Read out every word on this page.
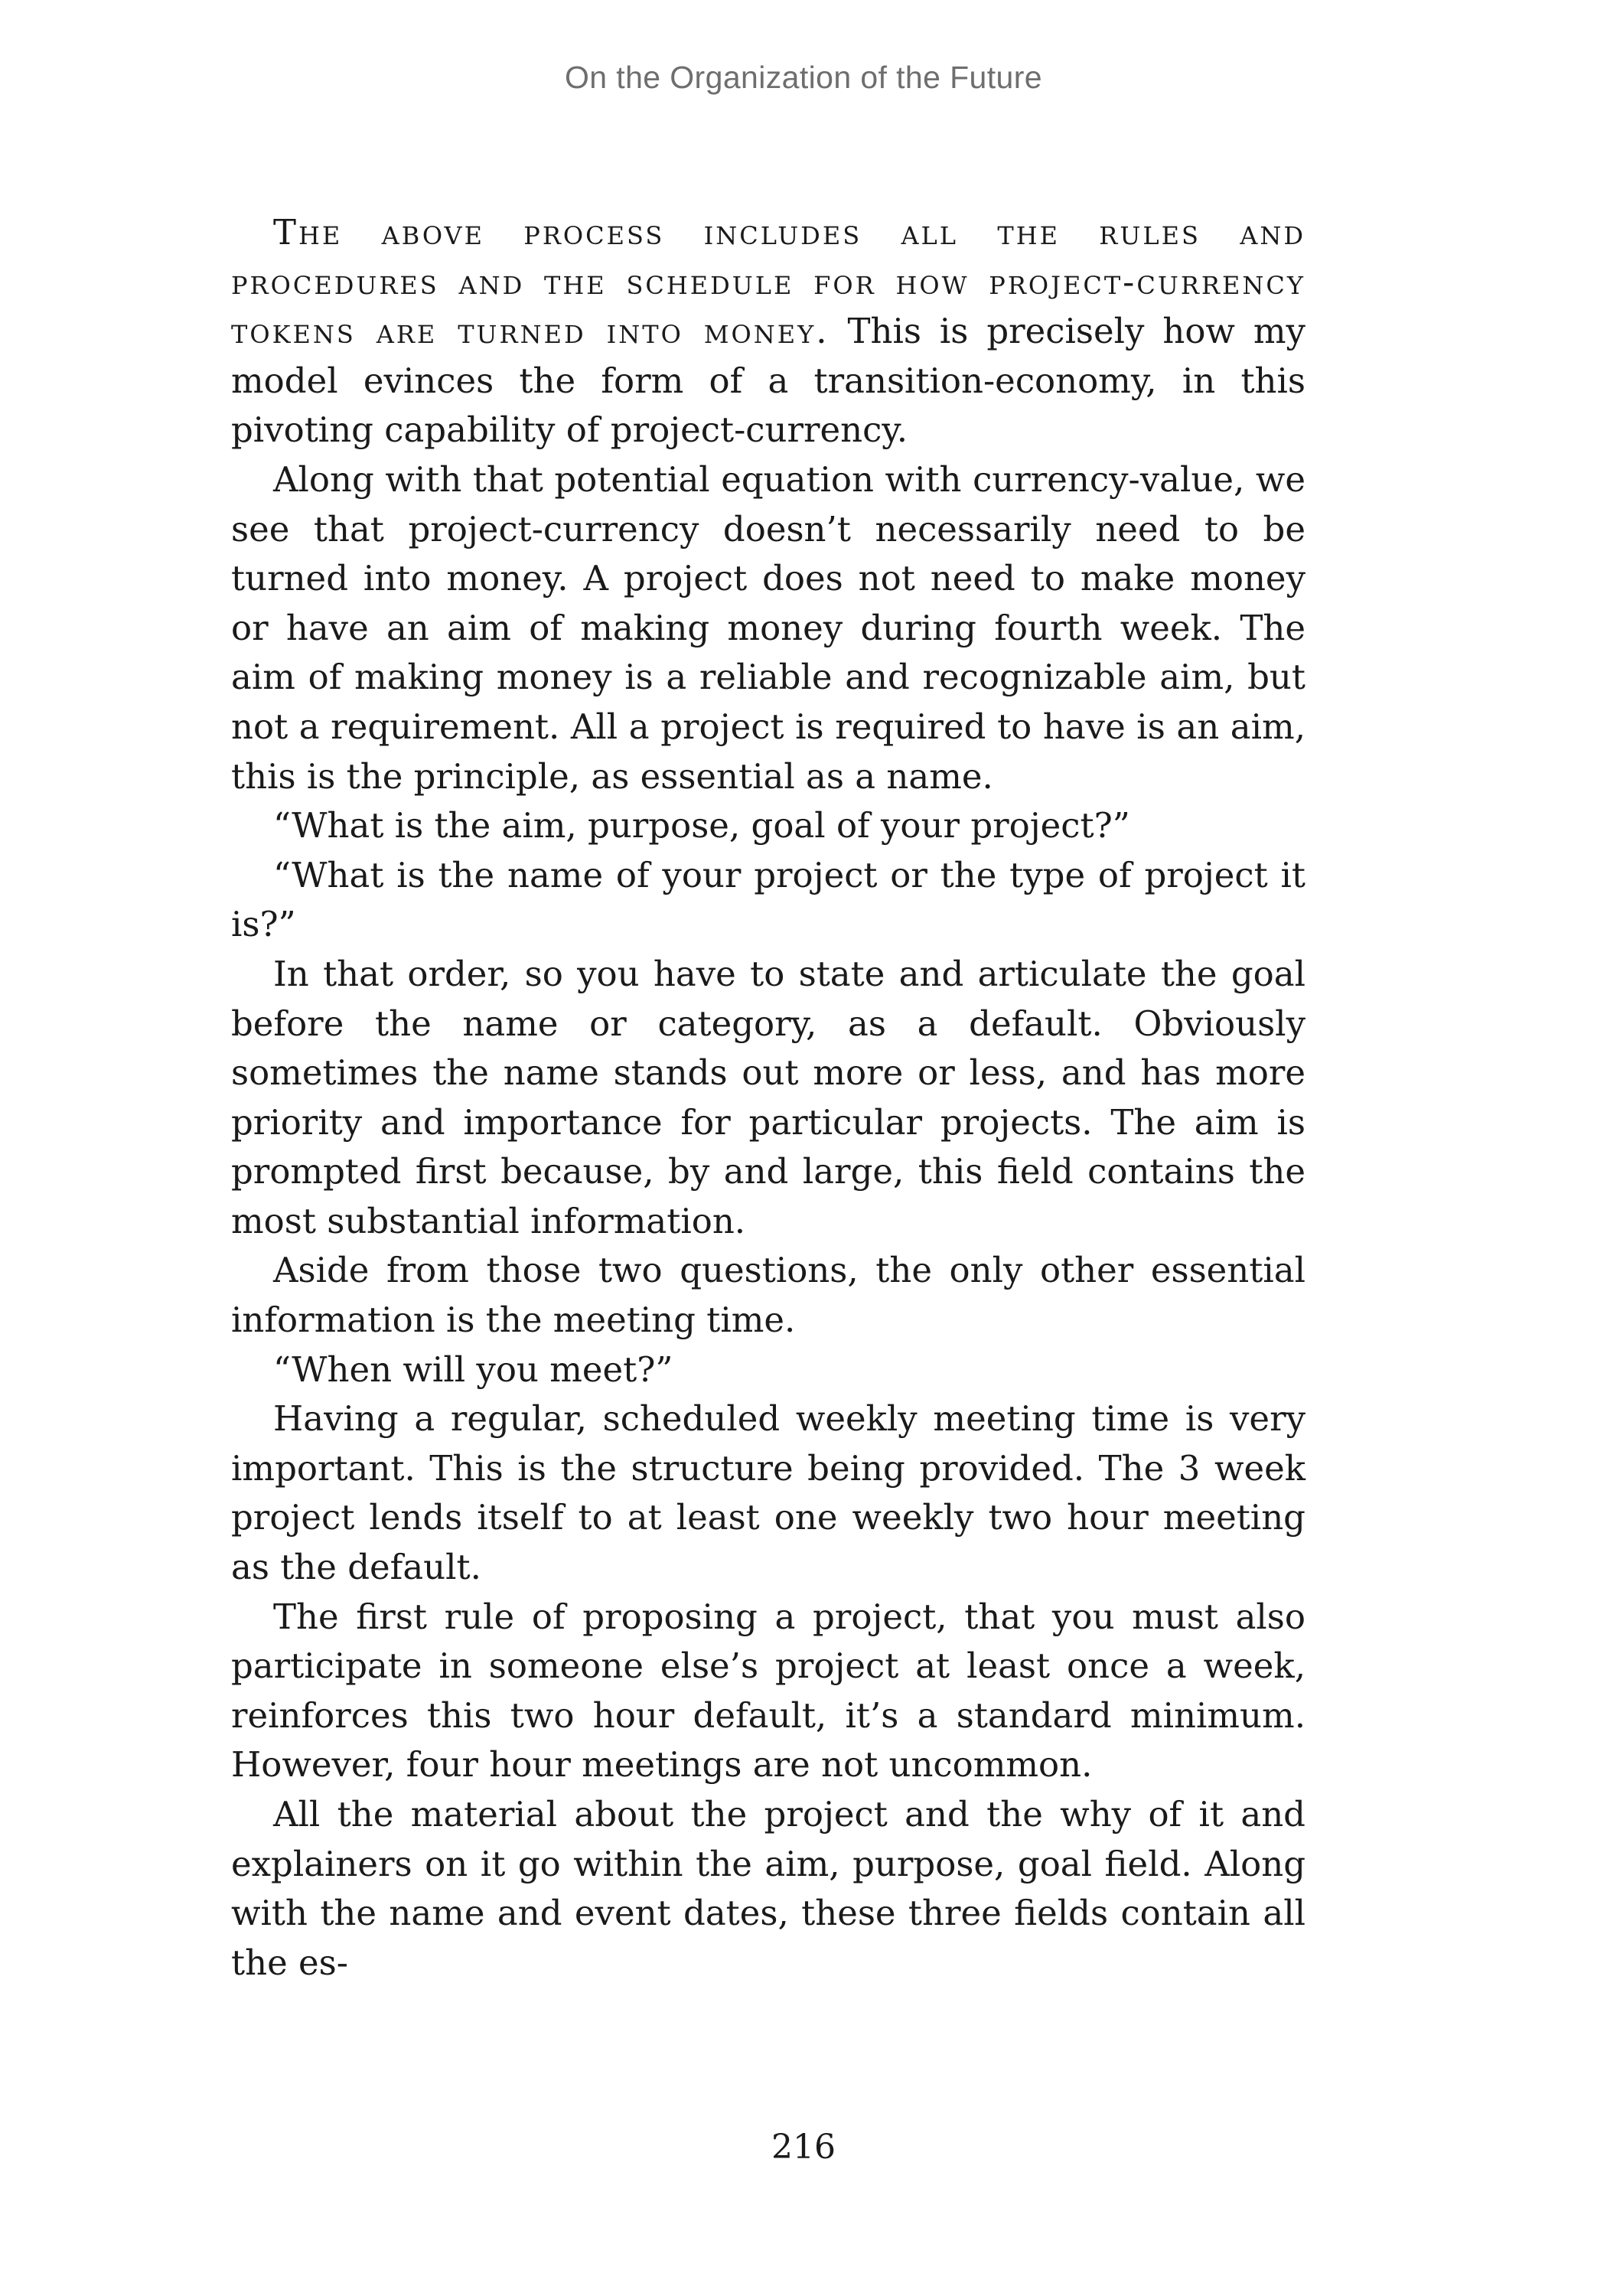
On the Organization of the Future

The above process includes all the rules and procedures and the schedule for how project-currency tokens are turned into money. This is precisely how my model evinces the form of a transition-economy, in this pivoting capability of project-currency.

Along with that potential equation with currency-value, we see that project-currency doesn’t necessarily need to be turned into money. A project does not need to make money or have an aim of making money during fourth week. The aim of making money is a reliable and recognizable aim, but not a requirement. All a project is required to have is an aim, this is the principle, as essential as a name.

“What is the aim, purpose, goal of your project?”

“What is the name of your project or the type of project it is?”

In that order, so you have to state and articulate the goal before the name or category, as a default. Obviously sometimes the name stands out more or less, and has more priority and importance for particular projects. The aim is prompted first because, by and large, this field contains the most substantial information.

Aside from those two questions, the only other essential information is the meeting time.

“When will you meet?”

Having a regular, scheduled weekly meeting time is very important. This is the structure being provided. The 3 week project lends itself to at least one weekly two hour meeting as the default.

The first rule of proposing a project, that you must also participate in someone else’s project at least once a week, reinforces this two hour default, it’s a standard minimum. However, four hour meetings are not uncommon.

All the material about the project and the why of it and explainers on it go within the aim, purpose, goal field. Along with the name and event dates, these three fields contain all the es-

216
